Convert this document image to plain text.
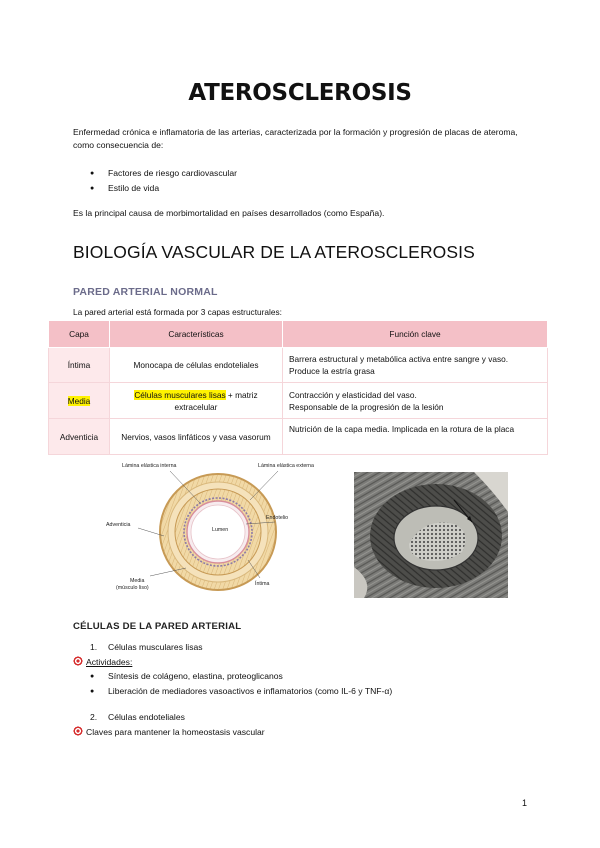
ATEROSCLEROSIS

Enfermedad crónica e inflamatoria de las arterias, caracterizada por la formación y progresión de placas de ateroma, como consecuencia de:

● Factores de riesgo cardiovascular
● Estilo de vida

Es la principal causa de morbimortalidad en países desarrollados (como España).

BIOLOGÍA VASCULAR DE LA ATEROSCLEROSIS
PARED ARTERIAL NORMAL

La pared arterial está formada por 3 capas estructurales:

Capa	Características	Función clave
Íntima	Monocapa de células endoteliales	Barrera estructural y metabólica activa entre sangre y vaso.
Produce la estría grasa
Media	Células musculares lisas + matriz extracelular	Contracción y elasticidad del vaso.
Responsable de la progresión de la lesión
Adventicia	Nervios, vasos linfáticos y vasa vasorum	Nutrición de la capa media. Implicada en la rotura de la placa
Lámina elástica interna	Lámina elástica externa
Endotelio
Lumen
Adventicia
Media
(músculo liso)
Íntima
CÉLULAS DE LA PARED ARTERIAL
1. Células musculares lisas
Actividades:
● Síntesis de colágeno, elastina, proteoglicanos
● Liberación de mediadores vasoactivos e inflamatorios (como IL-6 y TNF-α)
2. Células endoteliales
Claves para mantener la homeostasis vascular
1
